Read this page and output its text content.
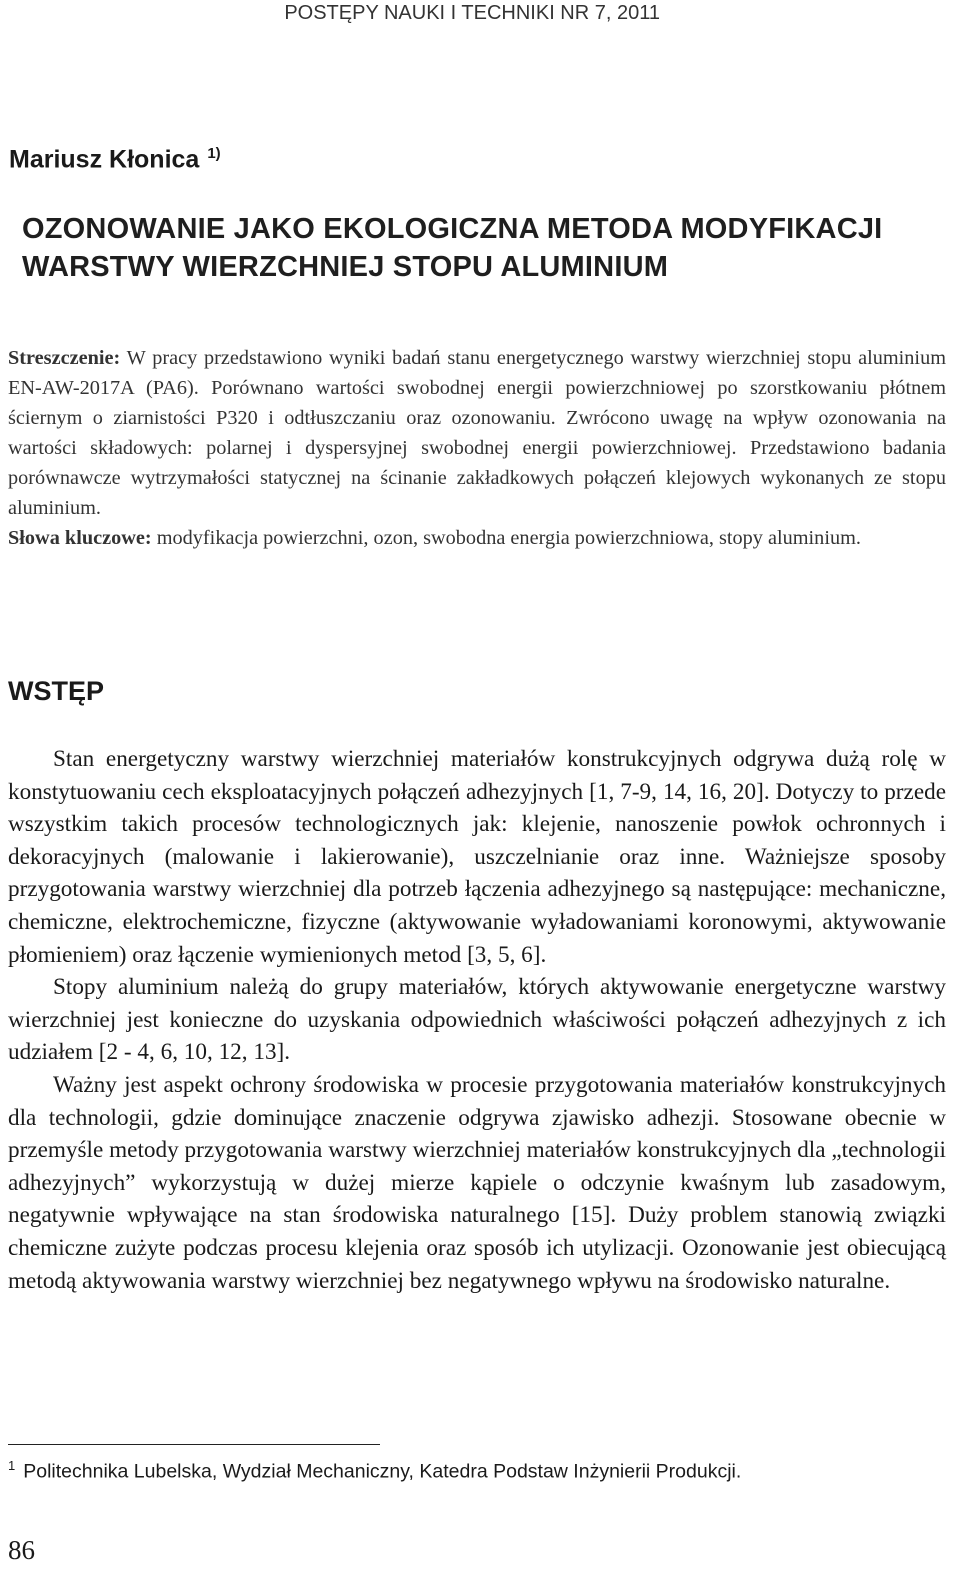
POSTĘPY NAUKI I TECHNIKI NR 7, 2011
Mariusz Kłonica $^{1)}$
OZONOWANIE JAKO EKOLOGICZNA METODA MODYFIKACJI
WARSTWY WIERZCHNIEJ STOPU ALUMINIUM

Streszczenie: W pracy przedstawiono wyniki badań stanu energetycznego warstwy wierzchniej stopu aluminium EN-AW-2017A (PA6). Porównano wartości swobodnej energii powierzchniowej po szorstkowaniu płótnem ściernym o ziarnistości P320 i odtłuszczaniu oraz ozonowaniu. Zwrócono uwagę na wpływ ozonowania na wartości składowych: polarnej i dyspersyjnej swobodnej energii powierzchniowej. Przedstawiono badania porównawcze wytrzymałości statycznej na ścinanie zakładkowych połączeń klejowych wykonanych ze stopu aluminium.

Słowa kluczowe: modyfikacja powierzchni, ozon, swobodna energia powierzchniowa, stopy aluminium.

WSTĘP

Stan energetyczny warstwy wierzchniej materiałów konstrukcyjnych odgrywa dużą rolę w konstytuowaniu cech eksploatacyjnych połączeń adhezyjnych [1, 7-9, 14, 16, 20]. Dotyczy to przede wszystkim takich procesów technologicznych jak: klejenie, nanoszenie powłok ochronnych i dekoracyjnych (malowanie i lakierowanie), uszczelnianie oraz inne. Ważniejsze sposoby przygotowania warstwy wierzchniej dla potrzeb łączenia adhezyjnego są następujące: mechaniczne, chemiczne, elektrochemiczne, fizyczne (aktywowanie wyładowaniami koronowymi, aktywowanie płomieniem) oraz łączenie wymienionych metod [3, 5, 6].

Stopy aluminium należą do grupy materiałów, których aktywowanie energetyczne warstwy wierzchniej jest konieczne do uzyskania odpowiednich właściwości połączeń adhezyjnych z ich udziałem [2 - 4, 6, 10, 12, 13].

Ważny jest aspekt ochrony środowiska w procesie przygotowania materiałów konstrukcyjnych dla technologii, gdzie dominujące znaczenie odgrywa zjawisko adhezji. Stosowane obecnie w przemyśle metody przygotowania warstwy wierzchniej materiałów konstrukcyjnych dla „technologii adhezyjnych” wykorzystują w dużej mierze kąpiele o odczynie kwaśnym lub zasadowym, negatywnie wpływające na stan środowiska naturalnego [15]. Duży problem stanowią związki chemiczne zużyte podczas procesu klejenia oraz sposób ich utylizacji. Ozonowanie jest obiecującą metodą aktywowania warstwy wierzchniej bez negatywnego wpływu na środowisko naturalne.

$^1$ Politechnika Lubelska, Wydział Mechaniczny, Katedra Podstaw Inżynierii Produkcji.

86
